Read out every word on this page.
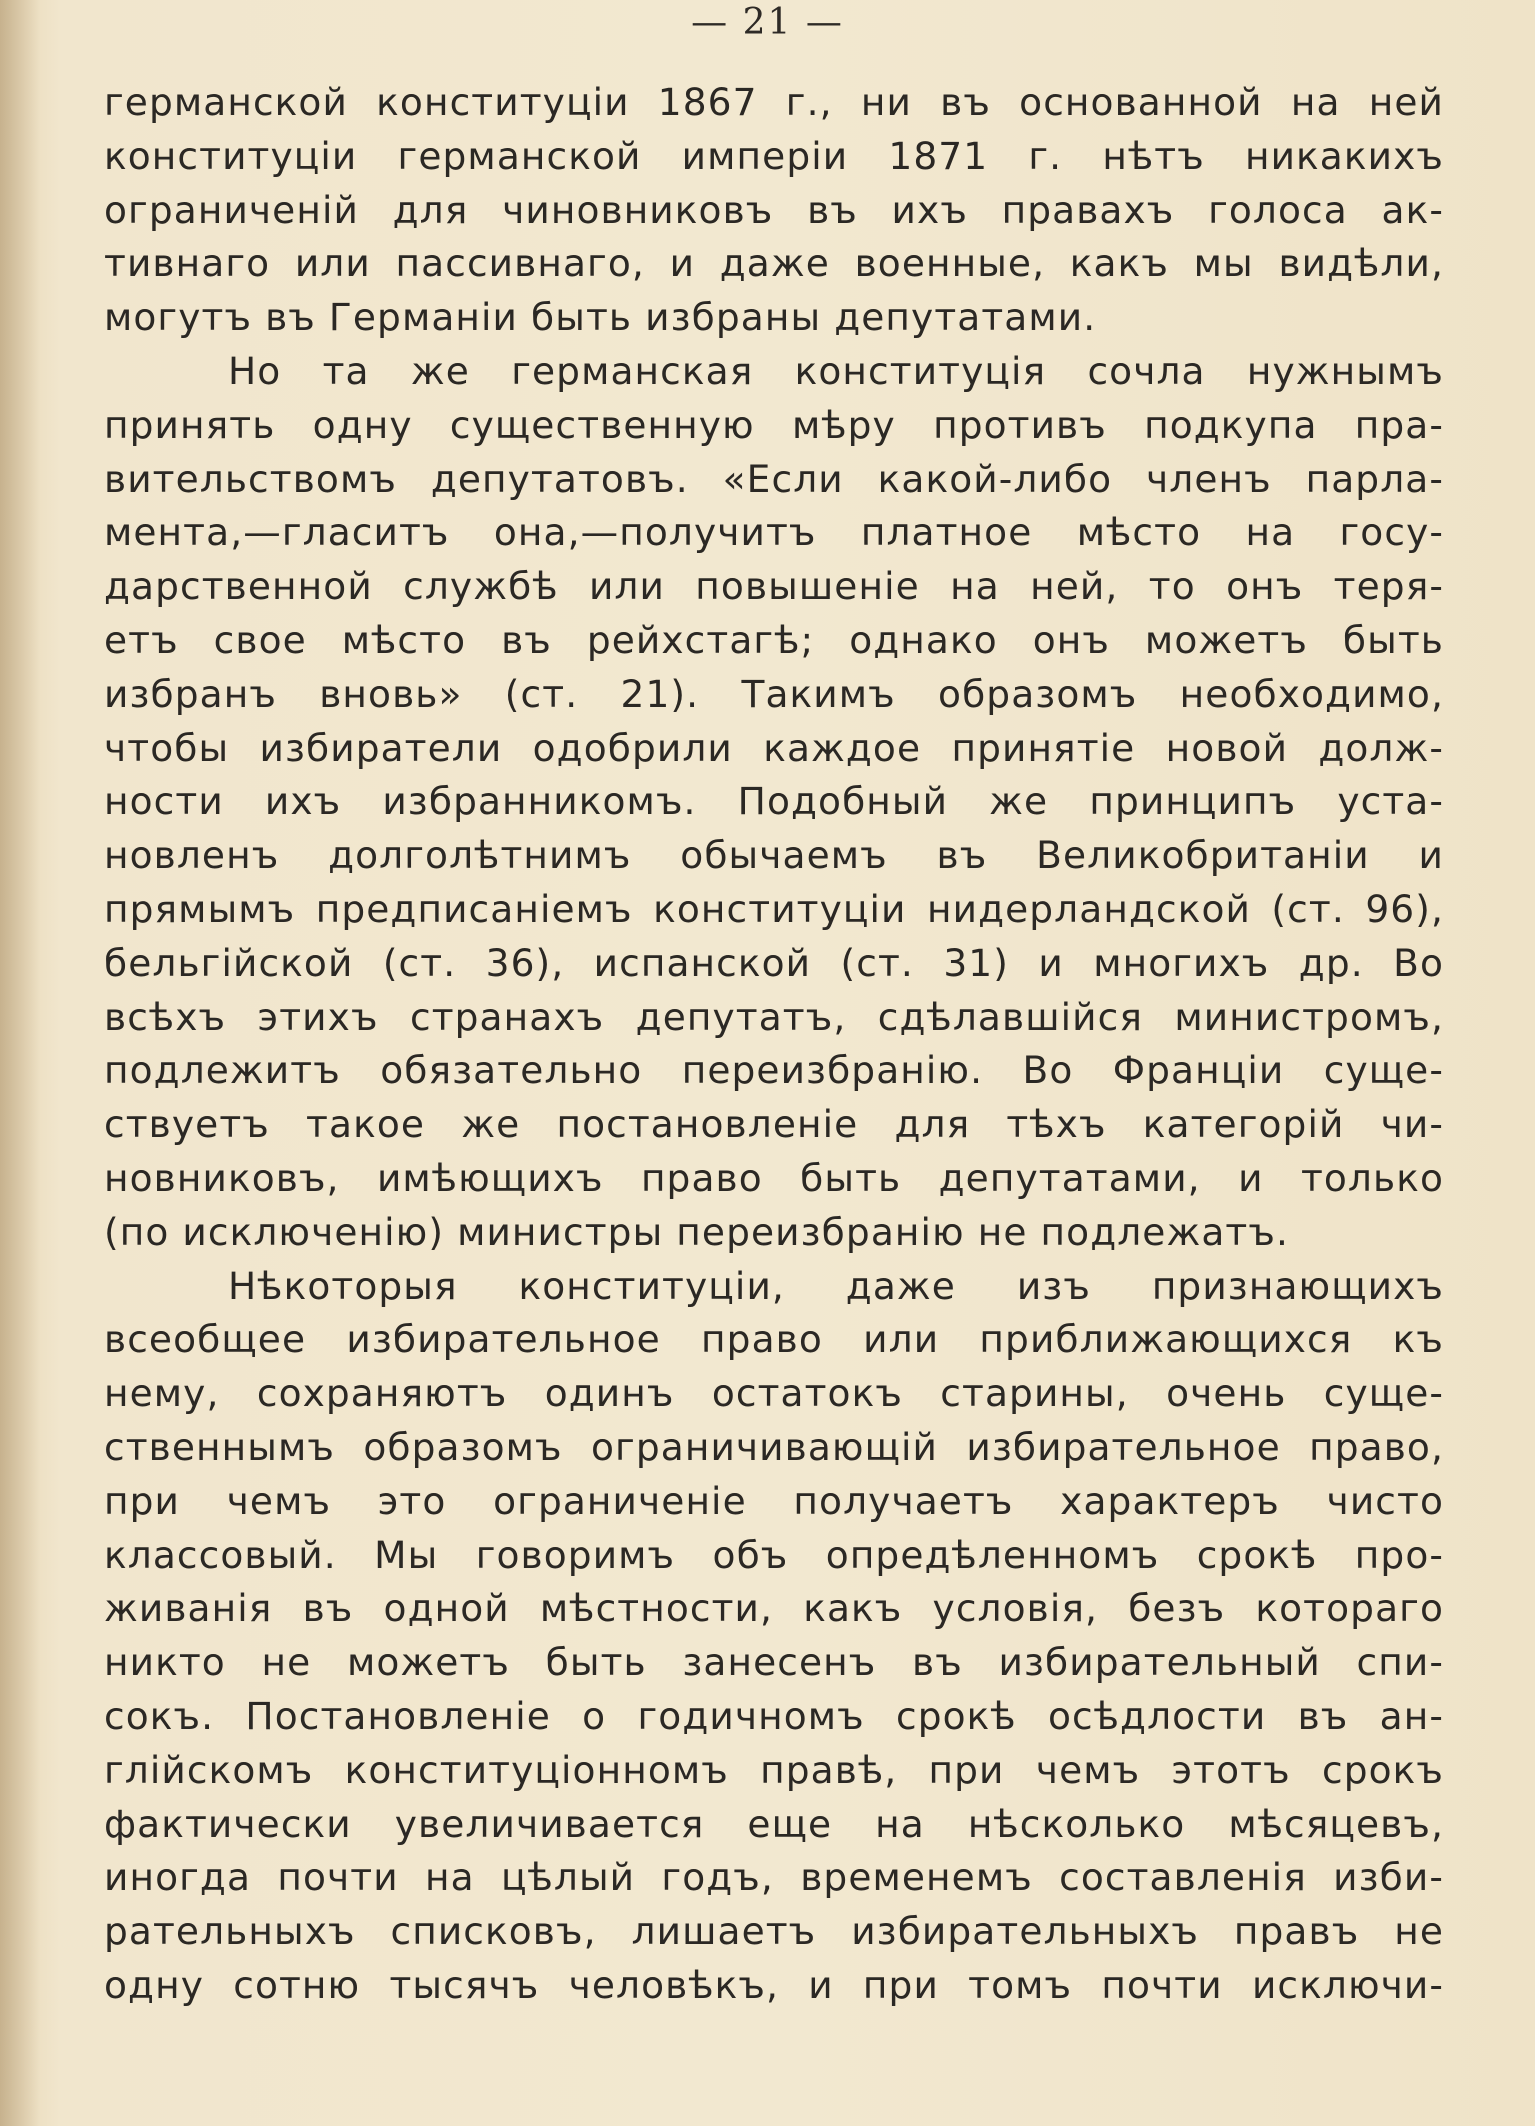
— 21 —
германской конституціи 1867 г., ни въ основанной на ней
конституціи германской имперіи 1871 г. нѣтъ никакихъ
ограниченій для чиновниковъ въ ихъ правахъ голоса ак-
тивнаго или пассивнаго, и даже военные, какъ мы видѣли,
могутъ въ Германіи быть избраны депутатами.
Но та же германская конституція сочла нужнымъ
принять одну существенную мѣру противъ подкупа пра-
вительствомъ депутатовъ. «Если какой-либо членъ парла-
мента,—гласитъ она,—получитъ платное мѣсто на госу-
дарственной службѣ или повышеніе на ней, то онъ теря-
етъ свое мѣсто въ рейхстагѣ; однако онъ можетъ быть
избранъ вновь» (ст. 21). Такимъ образомъ необходимо,
чтобы избиратели одобрили каждое принятіе новой долж-
ности ихъ избранникомъ. Подобный же принципъ уста-
новленъ долголѣтнимъ обычаемъ въ Великобританіи и
прямымъ предписаніемъ конституціи нидерландской (ст. 96),
бельгійской (ст. 36), испанской (ст. 31) и многихъ др. Во
всѣхъ этихъ странахъ депутатъ, сдѣлавшійся министромъ,
подлежитъ обязательно переизбранію. Во Франціи суще-
ствуетъ такое же постановленіе для тѣхъ категорій чи-
новниковъ, имѣющихъ право быть депутатами, и только
(по исключенію) министры переизбранію не подлежатъ.
Нѣкоторыя конституціи, даже изъ признающихъ
всеобщее избирательное право или приближающихся къ
нему, сохраняютъ одинъ остатокъ старины, очень суще-
ственнымъ образомъ ограничивающій избирательное право,
при чемъ это ограниченіе получаетъ характеръ чисто
классовый. Мы говоримъ объ опредѣленномъ срокѣ про-
живанія въ одной мѣстности, какъ условія, безъ котораго
никто не можетъ быть занесенъ въ избирательный спи-
сокъ. Постановленіе о годичномъ срокѣ осѣдлости въ ан-
глійскомъ конституціонномъ правѣ, при чемъ этотъ срокъ
фактически увеличивается еще на нѣсколько мѣсяцевъ,
иногда почти на цѣлый годъ, временемъ составленія изби-
рательныхъ списковъ, лишаетъ избирательныхъ правъ не
одну сотню тысячъ человѣкъ, и при томъ почти исключи-
